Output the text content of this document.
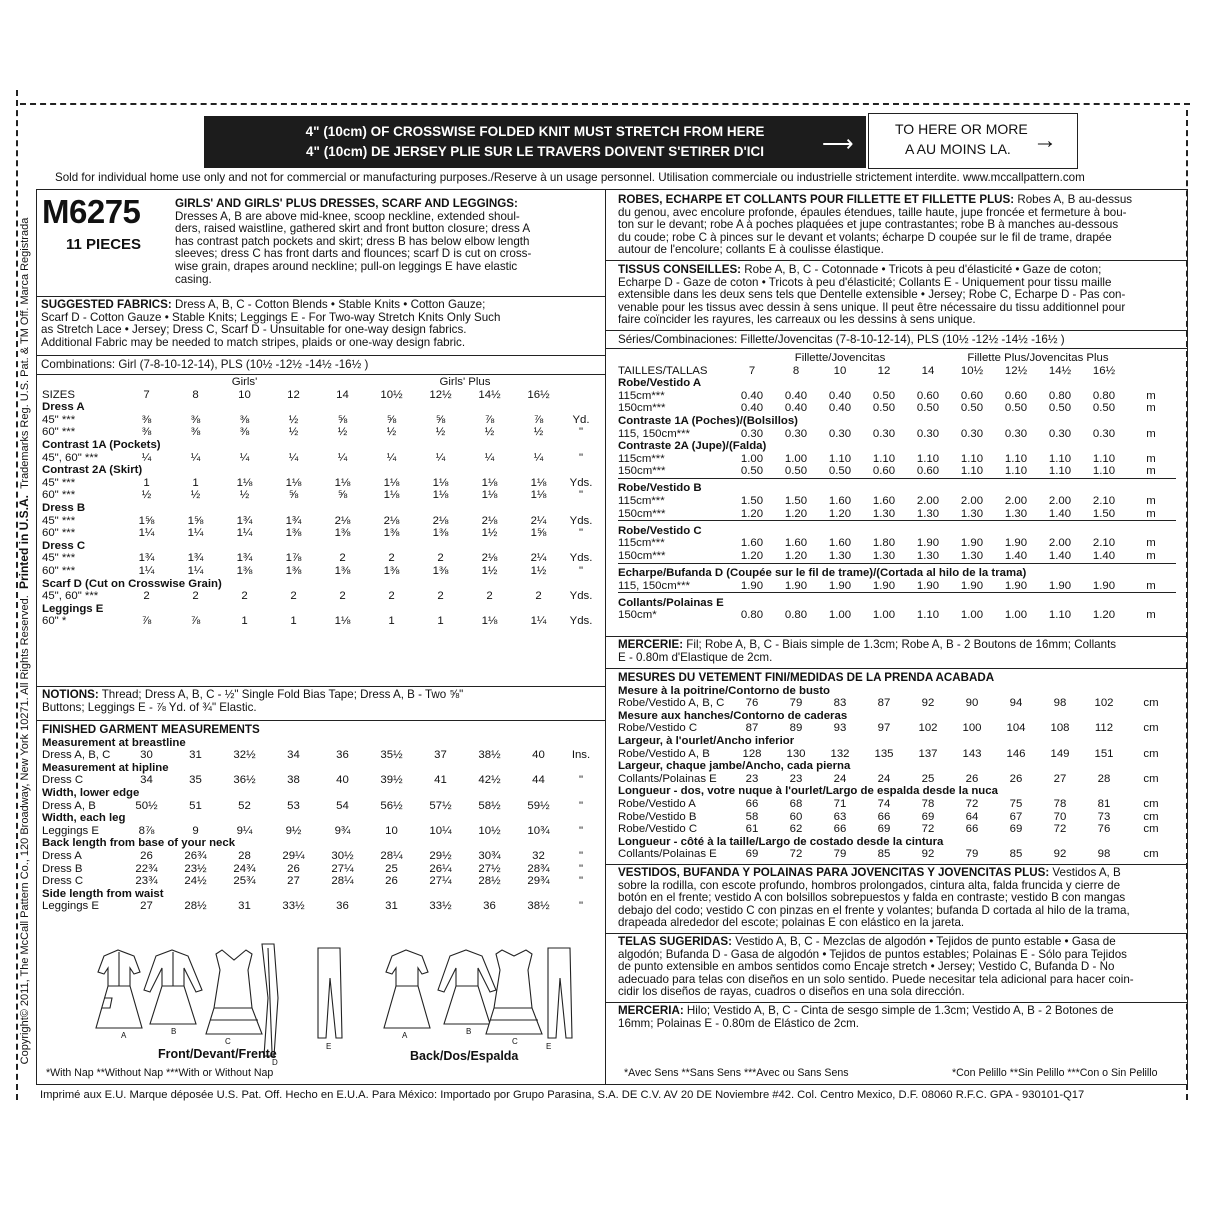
4" (10cm) OF CROSSWISE FOLDED KNIT MUST STRETCH FROM HERE
4" (10cm) DE JERSEY PLIE SUR LE TRAVERS DOIVENT S'ETIRER D'ICI	⟶
TO HERE OR MORE
A AU MOINS LA. →
Sold for individual home use only and not for commercial or manufacturing purposes./Reserve à un usage personnel. Utilisation commerciale ou industrielle strictement interdite. www.mccallpattern.com
Copyright© 2011, The McCall Pattern Co., 120 Broadway, New York 10271. All Rights Reserved.  Printed in U.S.A.  Trademarks Reg. U.S. Pat. & TM Off. Marca Registrada
M6275
11 PIECES
GIRLS' AND GIRLS' PLUS DRESSES, SCARF AND LEGGINGS:
Dresses A, B are above mid-knee, scoop neckline, extended shoul-
ders, raised waistline, gathered skirt and front button closure; dress A
has contrast patch pockets and skirt; dress B has below elbow length
sleeves; dress C has front darts and flounces; scarf D is cut on cross-
wise grain, drapes around neckline; pull-on leggings E have elastic
casing.
SUGGESTED FABRICS: Dress A, B, C - Cotton Blends • Stable Knits • Cotton Gauze;
Scarf D - Cotton Gauze • Stable Knits; Leggings E - For Two-way Stretch Knits Only Such
as Stretch Lace • Jersey; Dress C, Scarf D - Unsuitable for one-way design fabrics.
Additional Fabric may be needed to match stripes, plaids or one-way design fabric.
Combinations: Girl (7-8-10-12-14), PLS (10½ -12½ -14½ -16½ )
	Girls'					Girls' Plus				
SIZES	7	8	10	12	14	10½	12½	14½	16½	
Dress A										
45" ***	⅜	⅜	⅜	½	⅝	⅝	⅝	⅞	⅞	Yd.
60" ***	⅜	⅜	⅜	½	½	½	½	½	½	"
Contrast 1A (Pockets)										
45", 60" ***	¼	¼	¼	¼	¼	¼	¼	¼	¼	"
Contrast 2A (Skirt)										
45" ***	1	1	1⅛	1⅛	1⅛	1⅛	1⅛	1⅛	1⅛	Yds.
60" ***	½	½	½	⅝	⅝	1⅛	1⅛	1⅛	1⅛	"
Dress B										
45" ***	1⅝	1⅝	1¾	1¾	2⅛	2⅛	2⅛	2⅛	2¼	Yds.
60" ***	1¼	1¼	1¼	1⅜	1⅜	1⅜	1⅜	1½	1⅝	"
Dress C										
45" ***	1¾	1¾	1¾	1⅞	2	2	2	2⅛	2¼	Yds.
60" ***	1¼	1¼	1⅜	1⅜	1⅜	1⅜	1⅜	1½	1½	"
Scarf D (Cut on Crosswise Grain)										
45", 60" ***	2	2	2	2	2	2	2	2	2	Yds.
Leggings E										
60" *	⅞	⅞	1	1	1⅛	1	1	1⅛	1¼	Yds.
NOTIONS: Thread; Dress A, B, C - ½" Single Fold Bias Tape; Dress A, B - Two ⅝"
Buttons; Leggings E - ⅞ Yd. of ¾" Elastic.
FINISHED GARMENT MEASUREMENTS
Measurement at breastline										
Dress A, B, C	30	31	32½	34	36	35½	37	38½	40	Ins.
Measurement at hipline										
Dress C	34	35	36½	38	40	39½	41	42½	44	"
Width, lower edge										
Dress A, B	50½	51	52	53	54	56½	57½	58½	59½	"
Width, each leg										
Leggings E	8⅞	9	9¼	9½	9¾	10	10¼	10½	10¾	"
Back length from base of your neck										
Dress A	26	26¾	28	29¼	30½	28¼	29½	30¾	32	"
Dress B	22¾	23½	24¾	26	27¼	25	26¼	27½	28¾	"
Dress C	23¾	24½	25¾	27	28¼	26	27¼	28½	29¾	"
Side length from waist										
Leggings E	27	28½	31	33½	36	31	33½	36	38½	"
A	B
C
D
E
A	B
C
E
Front/Devant/Frente	Back/Dos/Espalda
*With Nap **Without Nap ***With or Without Nap
ROBES, ECHARPE ET COLLANTS POUR FILLETTE ET FILLETTE PLUS: Robes A, B au-dessus
du genou, avec encolure profonde, épaules étendues, taille haute, jupe froncée et fermeture à bou-
ton sur le devant; robe A à poches plaquées et jupe contrastantes; robe B à manches au-dessous
du coude; robe C à pinces sur le devant et volants; écharpe D coupée sur le fil de trame, drapée
autour de l'encolure; collants E à coulisse élastique.
TISSUS CONSEILLES: Robe A, B, C - Cotonnade • Tricots à peu d'élasticité • Gaze de coton;
Echarpe D - Gaze de coton • Tricots à peu d'élasticité; Collants E - Uniquement pour tissu maille
extensible dans les deux sens tels que Dentelle extensible • Jersey; Robe C, Echarpe D - Pas con-
venable pour les tissus avec dessin à sens unique. Il peut être nécessaire du tissu additionnel pour
faire coïncider les rayures, les carreaux ou les dessins à sens unique.
Séries/Combinaciones: Fillette/Jovencitas (7-8-10-12-14), PLS (10½ -12½ -14½ -16½ )
	Fillette/Jovencitas					Fillette Plus/Jovencitas Plus				
TAILLES/TALLAS	7	8	10	12	14	10½	12½	14½	16½	
Robe/Vestido A										
115cm***	0.40	0.40	0.40	0.50	0.60	0.60	0.60	0.80	0.80	m
150cm***	0.40	0.40	0.40	0.50	0.50	0.50	0.50	0.50	0.50	m
Contraste 1A (Poches)/(Bolsillos)										
115, 150cm***	0.30	0.30	0.30	0.30	0.30	0.30	0.30	0.30	0.30	m
Contraste 2A (Jupe)/(Falda)										
115cm***	1.00	1.00	1.10	1.10	1.10	1.10	1.10	1.10	1.10	m
150cm***	0.50	0.50	0.50	0.60	0.60	1.10	1.10	1.10	1.10	m

Robe/Vestido B										
115cm***	1.50	1.50	1.60	1.60	2.00	2.00	2.00	2.00	2.10	m
150cm***	1.20	1.20	1.20	1.30	1.30	1.30	1.30	1.40	1.50	m

Robe/Vestido C										
115cm***	1.60	1.60	1.60	1.80	1.90	1.90	1.90	2.00	2.10	m
150cm***	1.20	1.20	1.30	1.30	1.30	1.30	1.40	1.40	1.40	m

Echarpe/Bufanda D (Coupée sur le fil de trame)/(Cortada al hilo de la trama)										
115, 150cm***	1.90	1.90	1.90	1.90	1.90	1.90	1.90	1.90	1.90	m

Collants/Polainas E										
150cm*	0.80	0.80	1.00	1.00	1.10	1.00	1.00	1.10	1.20	m
MERCERIE: Fil; Robe A, B, C - Biais simple de 1.3cm; Robe A, B - 2 Boutons de 16mm; Collants
E - 0.80m d'Elastique de 2cm.
MESURES DU VETEMENT FINI/MEDIDAS DE LA PRENDA ACABADA
Mesure à la poitrine/Contorno de busto										
Robe/Vestido A, B, C	76	79	83	87	92	90	94	98	102	cm
Mesure aux hanches/Contorno de caderas										
Robe/Vestido C	87	89	93	97	102	100	104	108	112	cm
Largeur, à l'ourlet/Ancho inferior										
Robe/Vestido A, B	128	130	132	135	137	143	146	149	151	cm
Largeur, chaque jambe/Ancho, cada pierna										
Collants/Polainas E	23	23	24	24	25	26	26	27	28	cm
Longueur - dos, votre nuque à l'ourlet/Largo de espalda desde la nuca										
Robe/Vestido A	66	68	71	74	78	72	75	78	81	cm
Robe/Vestido B	58	60	63	66	69	64	67	70	73	cm
Robe/Vestido C	61	62	66	69	72	66	69	72	76	cm
Longueur - côté à la taille/Largo de costado desde la cintura										
Collants/Polainas E	69	72	79	85	92	79	85	92	98	cm
VESTIDOS, BUFANDA Y POLAINAS PARA JOVENCITAS Y JOVENCITAS PLUS: Vestidos A, B
sobre la rodilla, con escote profundo, hombros prolongados, cintura alta, falda fruncida y cierre de
botón en el frente; vestido A con bolsillos sobrepuestos y falda en contraste; vestido B con mangas
debajo del codo; vestido C con pinzas en el frente y volantes; bufanda D cortada al hilo de la trama,
drapeada alrededor del escote; polainas E con elástico en la jareta.
TELAS SUGERIDAS: Vestido A, B, C - Mezclas de algodón • Tejidos de punto estable • Gasa de
algodón; Bufanda D - Gasa de algodón • Tejidos de puntos estables; Polainas E - Sólo para Tejidos
de punto extensible en ambos sentidos como Encaje stretch • Jersey; Vestido C, Bufanda D - No
adecuado para telas con diseños en un solo sentido. Puede necesitar tela adicional para hacer coin-
cidir los diseños de rayas, cuadros o diseños en una sola dirección.
MERCERIA: Hilo; Vestido A, B, C - Cinta de sesgo simple de 1.3cm; Vestido A, B - 2 Botones de
16mm; Polainas E - 0.80m de Elástico de 2cm.
*Avec Sens **Sans Sens ***Avec ou Sans Sens	*Con Pelillo **Sin Pelillo ***Con o Sin Pelillo
Imprimé aux E.U. Marque déposée U.S. Pat. Off. Hecho en E.U.A. Para México: Importado por Grupo Parasina, S.A. DE C.V. AV 20 DE Noviembre #42. Col. Centro Mexico, D.F. 08060 R.F.C. GPA - 930101-Q17
